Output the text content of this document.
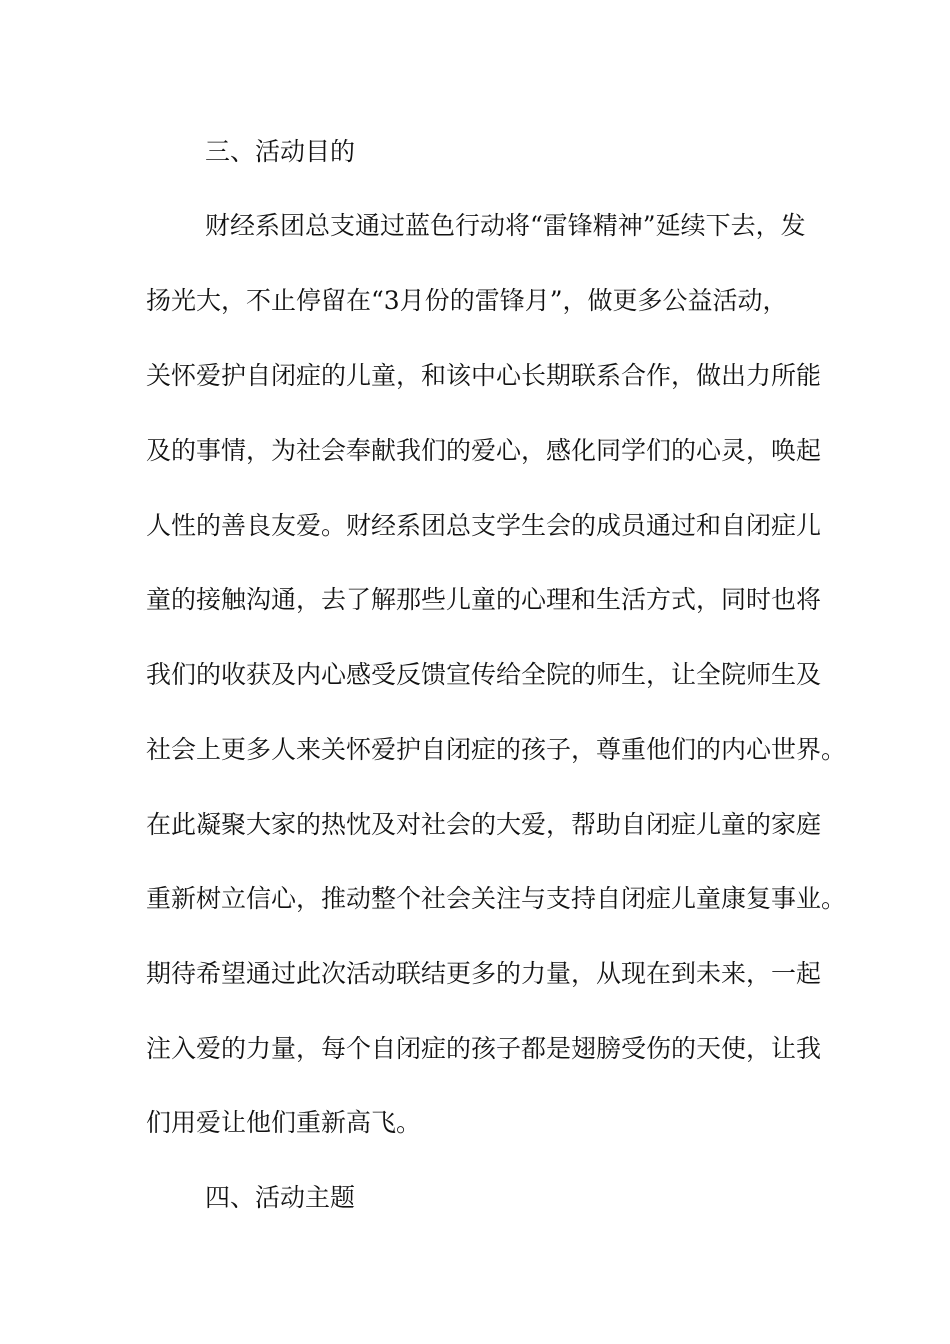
三、活动目的
财经系团总支通过蓝色行动将“雷锋精神”延续下去，发
扬光大，不止停留在“3月份的雷锋月”，做更多公益活动，
关怀爱护自闭症的儿童，和该中心长期联系合作，做出力所能
及的事情，为社会奉献我们的爱心，感化同学们的心灵，唤起
人性的善良友爱。财经系团总支学生会的成员通过和自闭症儿
童的接触沟通，去了解那些儿童的心理和生活方式，同时也将
我们的收获及内心感受反馈宣传给全院的师生，让全院师生及
社会上更多人来关怀爱护自闭症的孩子，尊重他们的内心世界。
在此凝聚大家的热忱及对社会的大爱，帮助自闭症儿童的家庭
重新树立信心，推动整个社会关注与支持自闭症儿童康复事业。
期待希望通过此次活动联结更多的力量，从现在到未来，一起
注入爱的力量，每个自闭症的孩子都是翅膀受伤的天使，让我
们用爱让他们重新高飞。
四、活动主题
